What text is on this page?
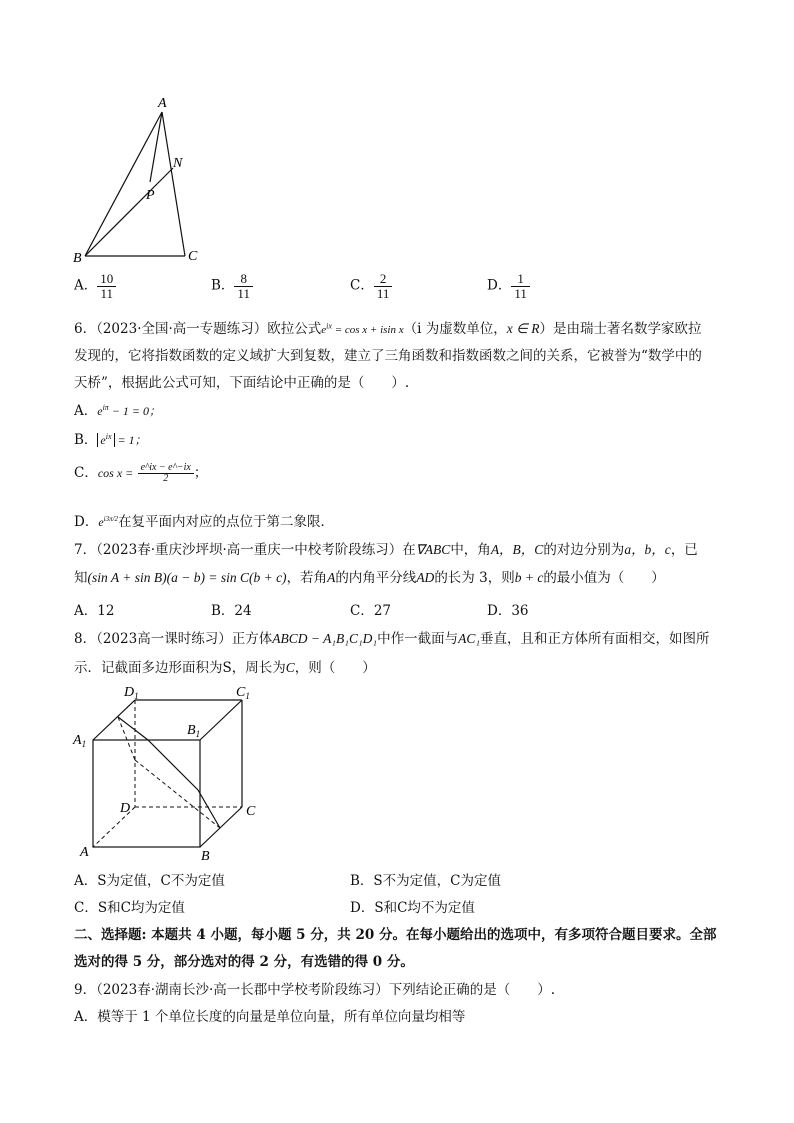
A
N
P
B	C
A． $\frac{10}{11}$	B． $\frac{8}{11}$	C． $\frac{2}{11}$	D． $\frac{1}{11}$
6．（2023·全国·高一专题练习）欧拉公式$e^{ix} = \cos x + isin$ x（i 为虚数单位，x ∈ R）是由瑞士著名数学家欧拉
发现的，它将指数函数的定义域扩大到复数，建立了三角函数和指数函数之间的关系，它被誉为“数学中的
天桥”，根据此公式可知，下面结论中正确的是（　　）.
A．$e^{i\pi} - 1 = 0$；
B． $e^{ix} = 1$；
C．$\cos x = \frac{e\^{}ix - e\^{}-ix}{2}$ ；
D．$e^{i3\pi/2}$在复平面内对应的点位于第二象限．
7．（2023春·重庆沙坪坝·高一重庆一中校考阶段练习）在∇ABC中，角A，B，C的对边分别为a，b，c，已
知(sin A + sin B)(a − b) = sin C(b + c)，若角A的内角平分线AD的长为 3，则b + c的最小值为（　　）
A．12	B．24	C．27	D．36
8．（2023高一课时练习）正方体ABCD − A₁B₁C₁D₁中作一截面与AC₁垂直，且和正方体所有面相交，如图所
示．记截面多边形面积为S，周长为C，则（　　）
$D_1$	$C_1$
$A_1$
$B_1$
D	C
A	B
A．S为定值，C不为定值	B．S不为定值，C为定值
C．S和C均为定值	D．S和C均不为定值
二、选择题: 本题共 4 小题，每小题 5 分，共 20 分。在每小题给出的选项中，有多项符合题目要求。全部
选对的得 5 分，部分选对的得 2 分，有选错的得 0 分。
9．（2023春·湖南长沙·高一长郡中学校考阶段练习）下列结论正确的是（　　）.
A．模等于 1 个单位长度的向量是单位向量，所有单位向量均相等
